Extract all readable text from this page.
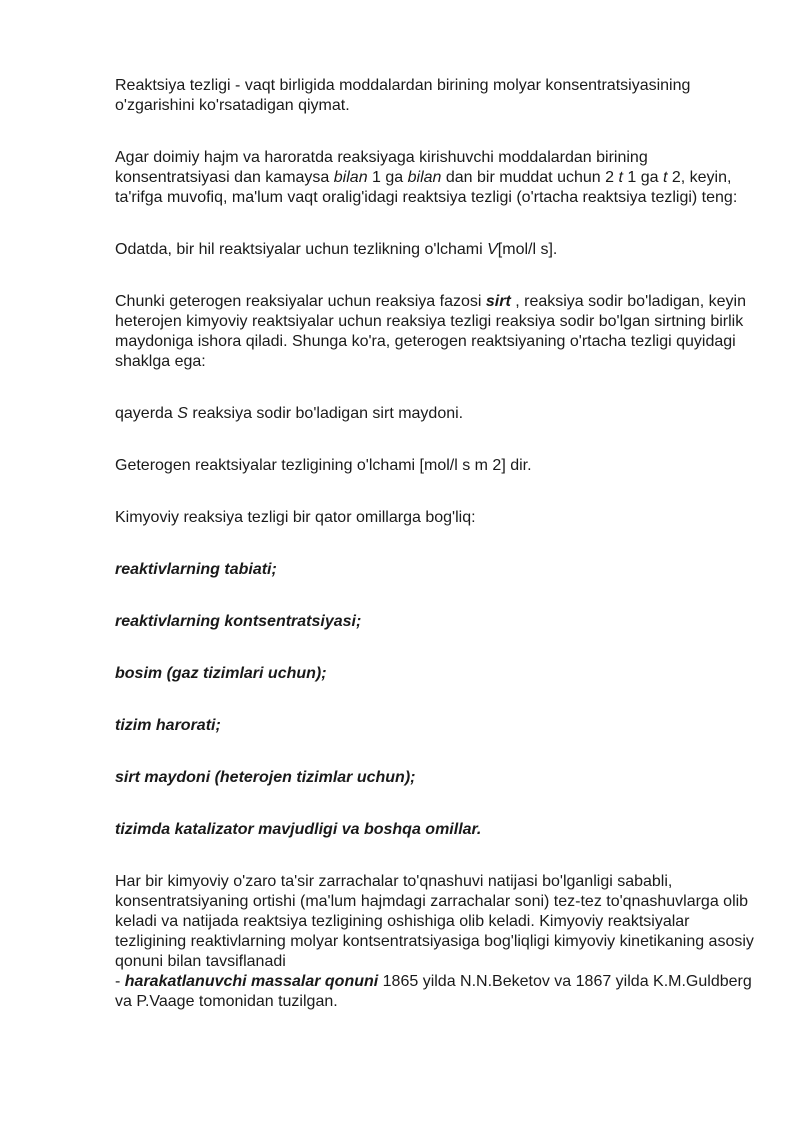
Reaktsiya tezligi - vaqt birligida moddalardan birining molyar konsentratsiyasining o'zgarishini ko'rsatadigan qiymat.

Agar doimiy hajm va haroratda reaksiyaga kirishuvchi moddalardan birining konsentratsiyasi dan kamaysa bilan 1 ga bilan dan bir muddat uchun 2 t 1 ga t 2, keyin, ta'rifga muvofiq, ma'lum vaqt oralig'idagi reaktsiya tezligi (o'rtacha reaktsiya tezligi) teng:

Odatda, bir hil reaktsiyalar uchun tezlikning o'lchami V[mol/l s].

Chunki geterogen reaksiyalar uchun reaksiya fazosi sirt , reaksiya sodir bo'ladigan, keyin heterojen kimyoviy reaktsiyalar uchun reaksiya tezligi reaksiya sodir bo'lgan sirtning birlik maydoniga ishora qiladi. Shunga ko'ra, geterogen reaktsiyaning o'rtacha tezligi quyidagi shaklga ega:

qayerda S reaksiya sodir bo'ladigan sirt maydoni.

Geterogen reaktsiyalar tezligining o'lchami [mol/l s m 2] dir.

Kimyoviy reaksiya tezligi bir qator omillarga bog'liq:

reaktivlarning tabiati;

reaktivlarning kontsentratsiyasi;

bosim (gaz tizimlari uchun);

tizim harorati;

sirt maydoni (heterojen tizimlar uchun);

tizimda katalizator mavjudligi va boshqa omillar.

Har bir kimyoviy o'zaro ta'sir zarrachalar to'qnashuvi natijasi bo'lganligi sababli, konsentratsiyaning ortishi (ma'lum hajmdagi zarrachalar soni) tez-tez to'qnashuvlarga olib keladi va natijada reaktsiya tezligining oshishiga olib keladi. Kimyoviy reaktsiyalar tezligining reaktivlarning molyar kontsentratsiyasiga bog'liqligi kimyoviy kinetikaning asosiy qonuni bilan tavsiflanadi
- harakatlanuvchi massalar qonuni 1865 yilda N.N.Beketov va 1867 yilda K.M.Guldberg va P.Vaage tomonidan tuzilgan.
